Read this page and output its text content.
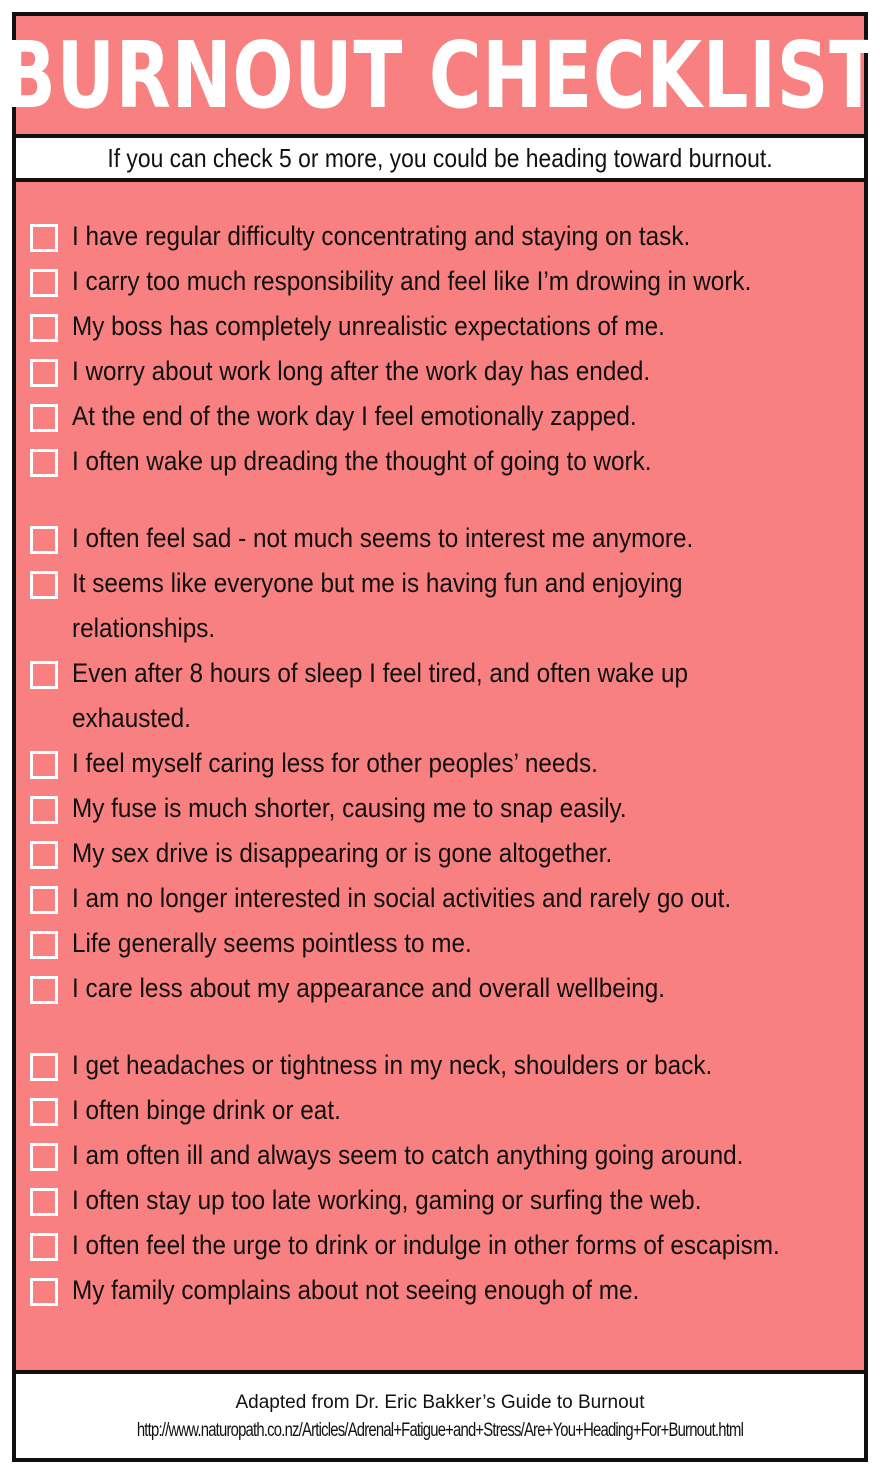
BURNOUT CHECKLIST
If you can check 5 or more, you could be heading toward burnout.
I have regular difficulty concentrating and staying on task.
I carry too much responsibility and feel like I’m drowing in work.
My boss has completely unrealistic expectations of me.
I worry about work long after the work day has ended.
At the end of the work day I feel emotionally zapped.
I often wake up dreading the thought of going to work.
I often feel sad - not much seems to interest me anymore.
It seems like everyone but me is having fun and enjoying relationships.
Even after 8 hours of sleep I feel tired, and often wake up exhausted.
I feel myself caring less for other peoples’ needs.
My fuse is much shorter, causing me to snap easily.
My sex drive is disappearing or is gone altogether.
I am no longer interested in social activities and rarely go out.
Life generally seems pointless to me.
I care less about my appearance and overall wellbeing.
I get headaches or tightness in my neck, shoulders or back.
I often binge drink or eat.
I am often ill and always seem to catch anything going around.
I often stay up too late working, gaming or surfing the web.
I often feel the urge to drink or indulge in other forms of escapism.
My family complains about not seeing enough of me.
Adapted from Dr. Eric Bakker’s Guide to Burnout
http://www.naturopath.co.nz/Articles/Adrenal+Fatigue+and+Stress/Are+You+Heading+For+Burnout.html
